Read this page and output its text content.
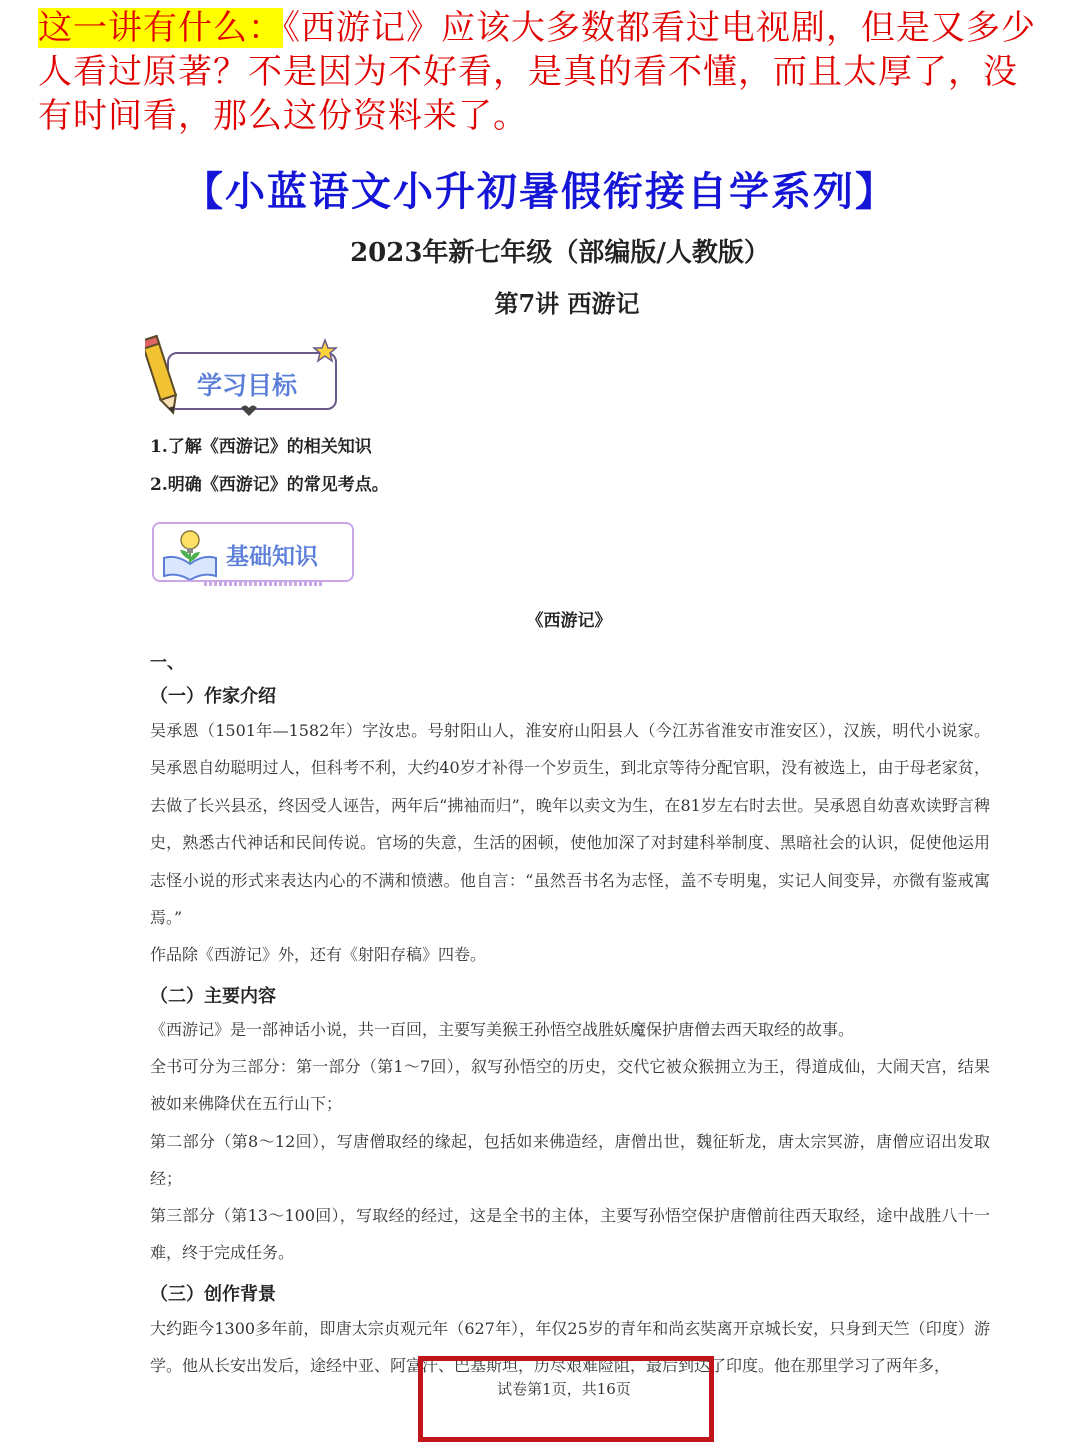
这一讲有什么：《西游记》应该大多数都看过电视剧，但是又多少人看过原著？不是因为不好看，是真的看不懂，而且太厚了，没有时间看，那么这份资料来了。
【小蓝语文小升初暑假衔接自学系列】
2023年新七年级（部编版/人教版）
第7讲 西游记
学习目标
1.了解《西游记》的相关知识
2.明确《西游记》的常见考点。
基础知识
《西游记》
一、
（一）作家介绍
吴承恩（1501年—1582年）字汝忠。号射阳山人，淮安府山阳县人（今江苏省淮安市淮安区），汉族，明代小说家。吴承恩自幼聪明过人，但科考不利，大约40岁才补得一个岁贡生，到北京等待分配官职，没有被选上，由于母老家贫，去做了长兴县丞，终因受人诬告，两年后“拂袖而归”，晚年以卖文为生，在81岁左右时去世。吴承恩自幼喜欢读野言稗史，熟悉古代神话和民间传说。官场的失意，生活的困顿，使他加深了对封建科举制度、黑暗社会的认识，促使他运用志怪小说的形式来表达内心的不满和愤懑。他自言：“虽然吾书名为志怪，盖不专明鬼，实记人间变异，亦微有鉴戒寓焉。”
作品除《西游记》外，还有《射阳存稿》四卷。
（二）主要内容
《西游记》是一部神话小说，共一百回，主要写美猴王孙悟空战胜妖魔保护唐僧去西天取经的故事。
全书可分为三部分：第一部分（第1～7回），叙写孙悟空的历史，交代它被众猴拥立为王，得道成仙，大闹天宫，结果被如来佛降伏在五行山下；
第二部分（第8～12回），写唐僧取经的缘起，包括如来佛造经，唐僧出世，魏征斩龙，唐太宗冥游，唐僧应诏出发取经；
第三部分（第13～100回），写取经的经过，这是全书的主体，主要写孙悟空保护唐僧前往西天取经，途中战胜八十一难，终于完成任务。
（三）创作背景
大约距今1300多年前，即唐太宗贞观元年（627年），年仅25岁的青年和尚玄奘离开京城长安，只身到天竺（印度）游学。他从长安出发后，途经中亚、阿富汗、巴基斯坦，历尽艰难险阻，最后到达了印度。他在那里学习了两年多，
试卷第1页，共16页
